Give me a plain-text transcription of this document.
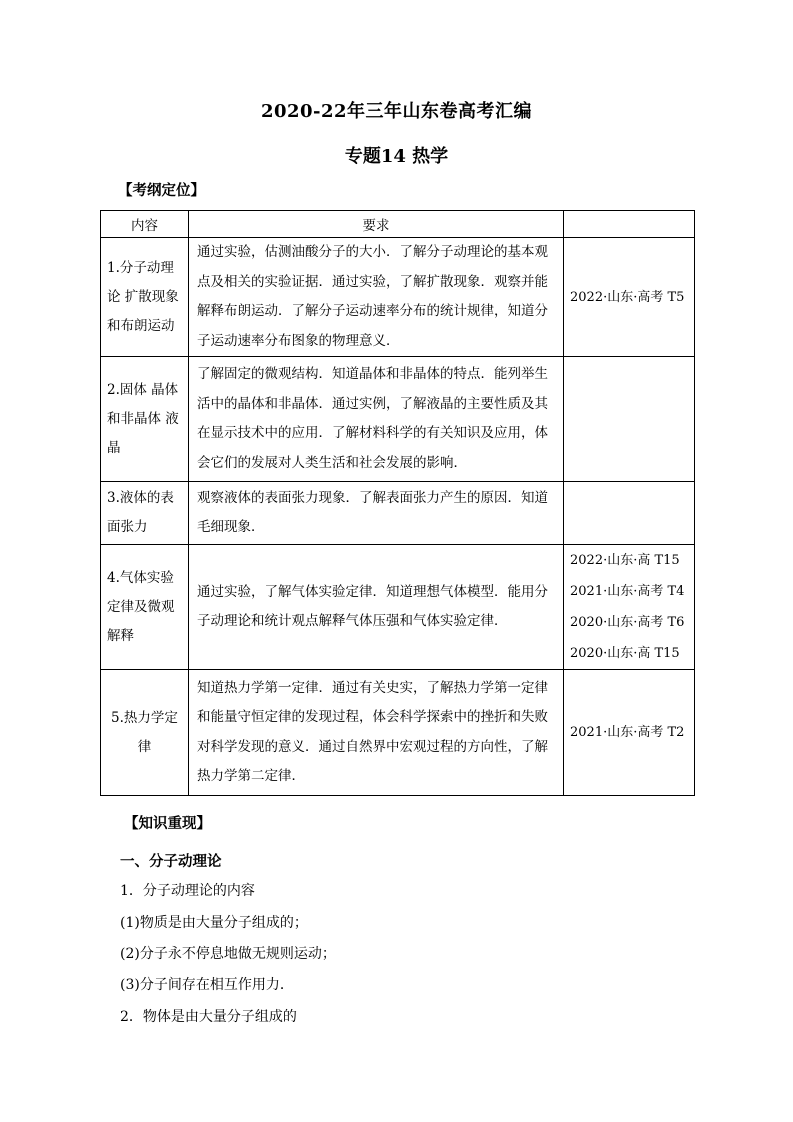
2020-22年三年山东卷高考汇编
专题14 热学
【考纲定位】
内容	要求	
1.分子动理论 扩散现象和布朗运动	通过实验，估测油酸分子的大小．了解分子动理论的基本观点及相关的实验证据．通过实验，了解扩散现象．观察并能解释布朗运动．了解分子运动速率分布的统计规律，知道分子运动速率分布图象的物理意义．	2022·山东·高考 T5

2.固体 晶体和非晶体 液晶	了解固定的微观结构．知道晶体和非晶体的特点．能列举生活中的晶体和非晶体．通过实例，了解液晶的主要性质及其在显示技术中的应用．了解材料科学的有关知识及应用，体会它们的发展对人类生活和社会发展的影响．	
3.液体的表面张力	观察液体的表面张力现象．了解表面张力产生的原因．知道毛细现象．	
4.气体实验定律及微观解释	通过实验，了解气体实验定律．知道理想气体模型．能用分子动理论和统计观点解释气体压强和气体实验定律．	2022·山东·高 T15
2021·山东·高考 T4
2020·山东·高考 T6
2020·山东·高 T15

5.热力学定律	知道热力学第一定律．通过有关史实，了解热力学第一定律和能量守恒定律的发现过程，体会科学探索中的挫折和失败对科学发现的意义．通过自然界中宏观过程的方向性，了解热力学第二定律．	2021·山东·高考 T2
【知识重现】
一、分子动理论
1．分子动理论的内容
(1)物质是由大量分子组成的；
(2)分子永不停息地做无规则运动；
(3)分子间存在相互作用力．
2．物体是由大量分子组成的
